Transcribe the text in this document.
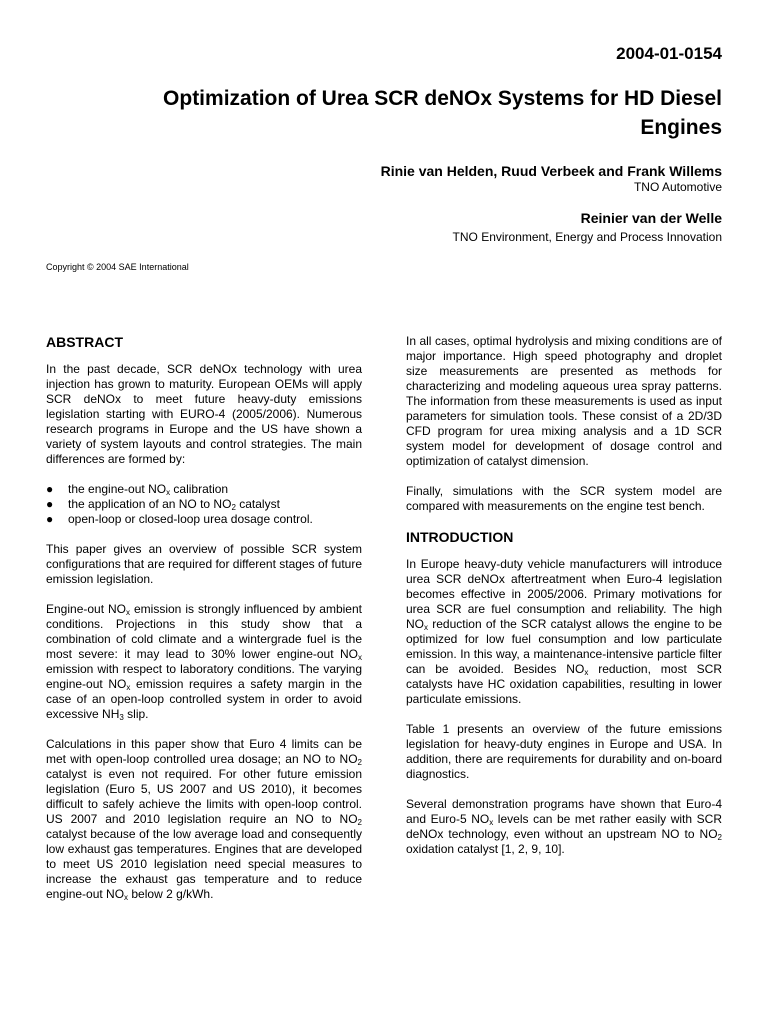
2004-01-0154
Optimization of Urea SCR deNOx Systems for HD Diesel Engines
Rinie van Helden, Ruud Verbeek and Frank Willems
TNO Automotive
Reinier van der Welle
TNO Environment, Energy and Process Innovation
Copyright © 2004 SAE International
ABSTRACT

In the past decade, SCR deNOx technology with urea injection has grown to maturity. European OEMs will apply SCR deNOx to meet future heavy-duty emissions legislation starting with EURO-4 (2005/2006). Numerous research programs in Europe and the US have shown a variety of system layouts and control strategies. The main differences are formed by:

● the engine-out $NO_x$ calibration
● the application of an NO to $NO_2$ catalyst
● open-loop or closed-loop urea dosage control.

This paper gives an overview of possible SCR system configurations that are required for different stages of future emission legislation.

Engine-out $NO_x$ emission is strongly influenced by ambient conditions. Projections in this study show that a combination of cold climate and a wintergrade fuel is the most severe: it may lead to 30% lower engine-out $NO_x$ emission with respect to laboratory conditions. The varying engine-out $NO_x$ emission requires a safety margin in the case of an open-loop controlled system in order to avoid excessive $NH_3$ slip.

Calculations in this paper show that Euro 4 limits can be met with open-loop controlled urea dosage; an NO to $NO_2$ catalyst is even not required. For other future emission legislation (Euro 5, US 2007 and US 2010), it becomes difficult to safely achieve the limits with open-loop control. US 2007 and 2010 legislation require an NO to $NO_2$ catalyst because of the low average load and consequently low exhaust gas temperatures. Engines that are developed to meet US 2010 legislation need special measures to increase the exhaust gas temperature and to reduce engine-out $NO_x$ below 2 g/kWh.

In all cases, optimal hydrolysis and mixing conditions are of major importance. High speed photography and droplet size measurements are presented as methods for characterizing and modeling aqueous urea spray patterns. The information from these measurements is used as input parameters for simulation tools. These consist of a 2D/3D CFD program for urea mixing analysis and a 1D SCR system model for development of dosage control and optimization of catalyst dimension.

Finally, simulations with the SCR system model are compared with measurements on the engine test bench.

INTRODUCTION

In Europe heavy-duty vehicle manufacturers will introduce urea SCR deNOx aftertreatment when Euro-4 legislation becomes effective in 2005/2006. Primary motivations for urea SCR are fuel consumption and reliability. The high $NO_x$ reduction of the SCR catalyst allows the engine to be optimized for low fuel consumption and low particulate emission. In this way, a maintenance-intensive particle filter can be avoided. Besides $NO_x$ reduction, most SCR catalysts have HC oxidation capabilities, resulting in lower particulate emissions.

Table 1 presents an overview of the future emissions legislation for heavy-duty engines in Europe and USA. In addition, there are requirements for durability and on-board diagnostics.

Several demonstration programs have shown that Euro-4 and Euro-5 $NO_x$ levels can be met rather easily with SCR deNOx technology, even without an upstream NO to $NO_2$ oxidation catalyst [1, 2, 9, 10].
